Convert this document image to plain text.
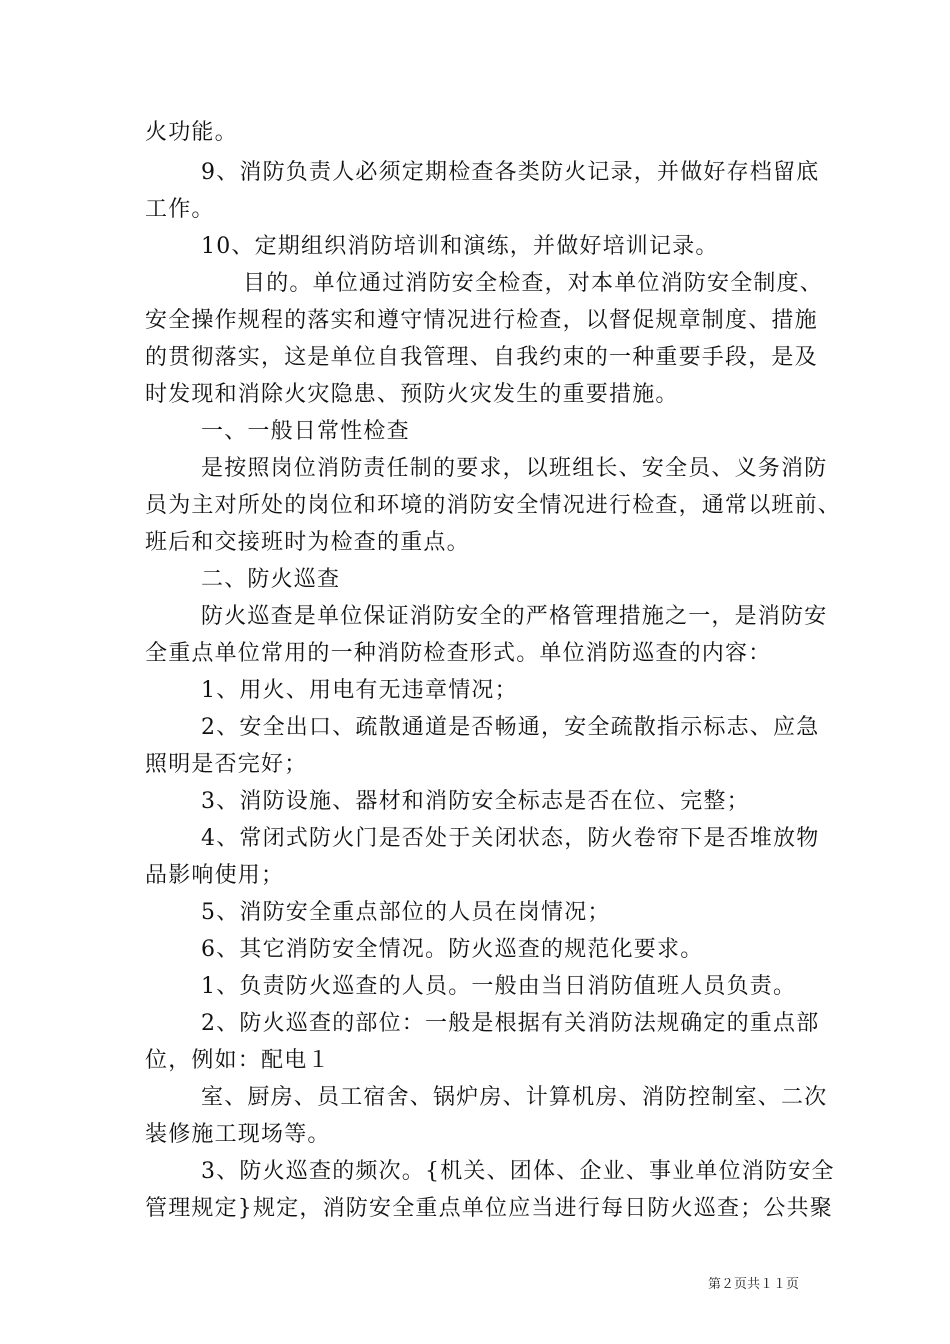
火功能。
9、消防负责人必须定期检查各类防火记录，并做好存档留底
工作。
10、定期组织消防培训和演练，并做好培训记录。
目的。单位通过消防安全检查，对本单位消防安全制度、
安全操作规程的落实和遵守情况进行检查，以督促规章制度、措施
的贯彻落实，这是单位自我管理、自我约束的一种重要手段，是及
时发现和消除火灾隐患、预防火灾发生的重要措施。
一、一般日常性检查
是按照岗位消防责任制的要求，以班组长、安全员、义务消防
员为主对所处的岗位和环境的消防安全情况进行检查，通常以班前、
班后和交接班时为检查的重点。
二、防火巡查
防火巡查是单位保证消防安全的严格管理措施之一，是消防安
全重点单位常用的一种消防检查形式。单位消防巡查的内容：
1、用火、用电有无违章情况；
2、安全出口、疏散通道是否畅通，安全疏散指示标志、应急
照明是否完好；
3、消防设施、器材和消防安全标志是否在位、完整；
4、常闭式防火门是否处于关闭状态，防火卷帘下是否堆放物
品影响使用；
5、消防安全重点部位的人员在岗情况；
6、其它消防安全情况。防火巡查的规范化要求。
1、负责防火巡查的人员。一般由当日消防值班人员负责。
2、防火巡查的部位：一般是根据有关消防法规确定的重点部
位，例如：配电１
室、厨房、员工宿舍、锅炉房、计算机房、消防控制室、二次
装修施工现场等。
3、防火巡查的频次。{机关、团体、企业、事业单位消防安全
管理规定}规定，消防安全重点单位应当进行每日防火巡查；公共聚
第２页共１１页
